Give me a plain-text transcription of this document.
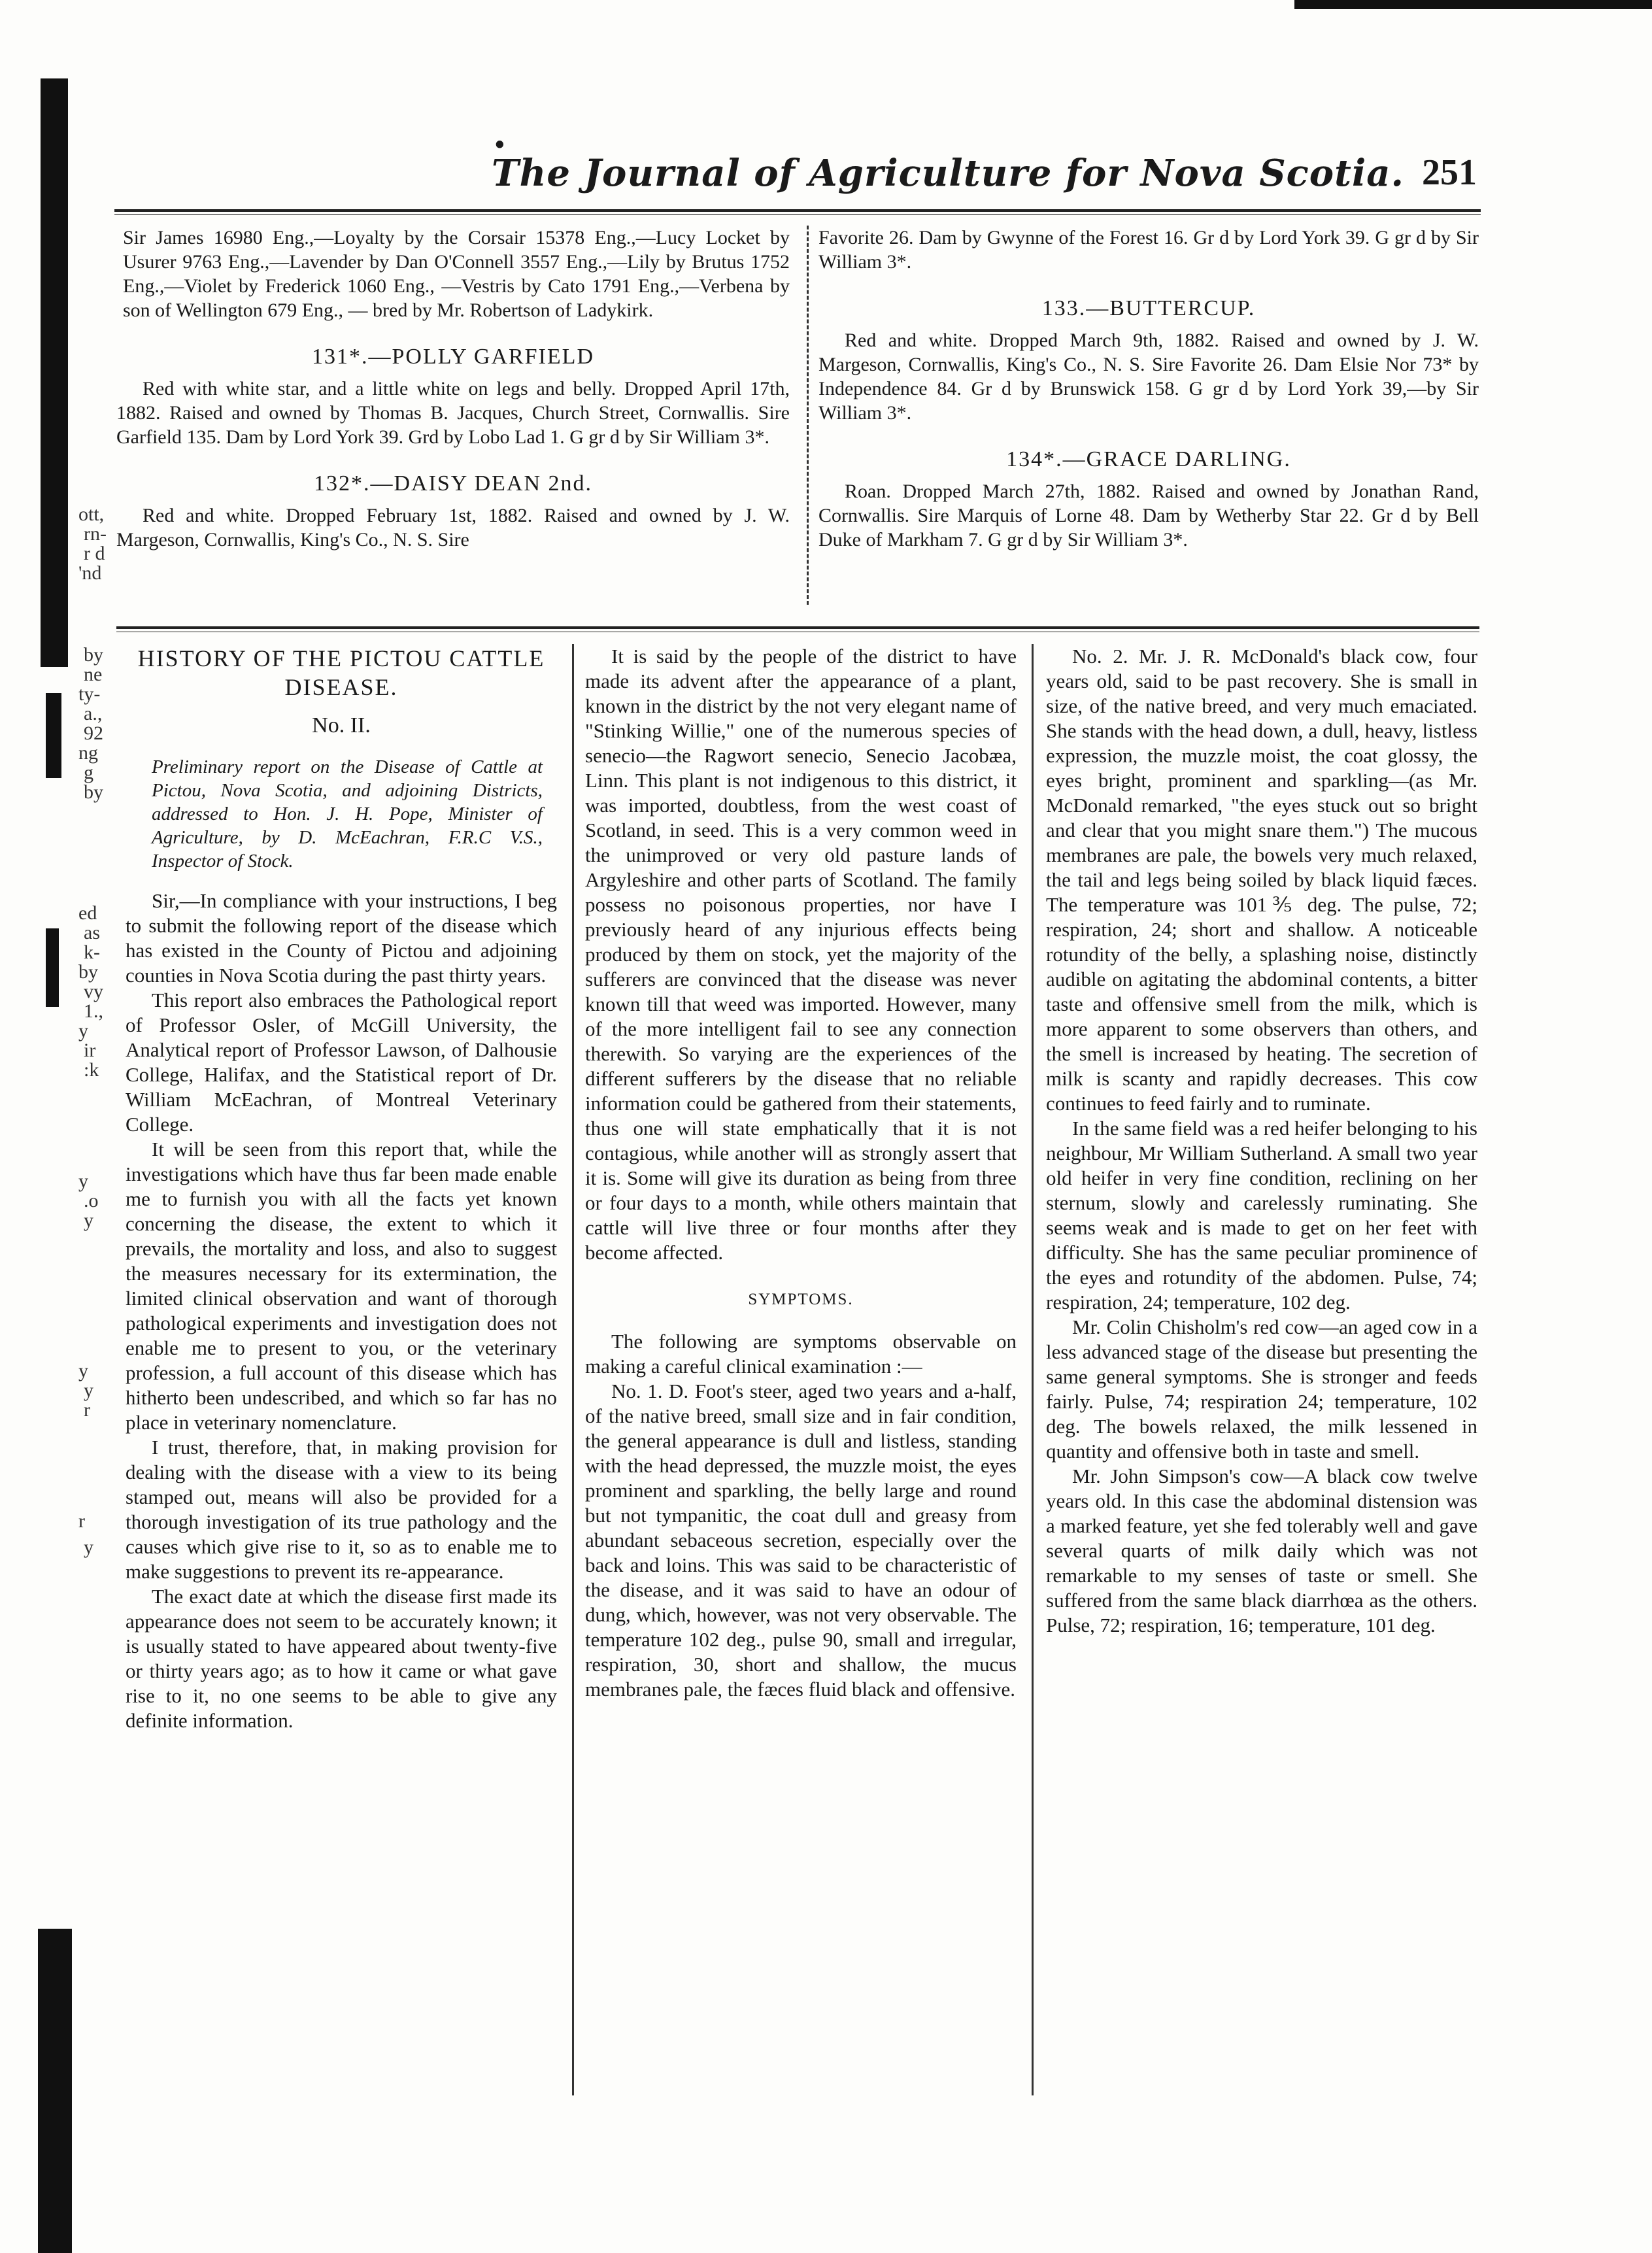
ott,
rn-
r d
'nd
by
ne
ty-
a.,
92
ng
g
by
ed
as
k-
by
vy
1.,
y
ir
:k
y
.o
y
y
y
r
r
y
•
The Journal of Agriculture for Nova Scotia. 251

Sir James 16980 Eng.,—Loyalty by the Corsair 15378 Eng.,—Lucy Locket by Usurer 9763 Eng.,—Lavender by Dan O'Connell 3557 Eng.,—Lily by Brutus 1752 Eng.,—Violet by Frederick 1060 Eng., —Vestris by Cato 1791 Eng.,—Verbena by son of Wellington 679 Eng., — bred by Mr. Robertson of Ladykirk.

131*.—POLLY GARFIELD

Red with white star, and a little white on legs and belly. Dropped April 17th, 1882. Raised and owned by Thomas B. Jacques, Church Street, Cornwallis. Sire Garfield 135. Dam by Lord York 39. Grd by Lobo Lad 1. G gr d by Sir William 3*.

132*.—DAISY DEAN 2nd.

Red and white. Dropped February 1st, 1882. Raised and owned by J. W. Margeson, Cornwallis, King's Co., N. S. Sire

Favorite 26. Dam by Gwynne of the Forest 16. Gr d by Lord York 39. G gr d by Sir William 3*.

133.—BUTTERCUP.

Red and white. Dropped March 9th, 1882. Raised and owned by J. W. Margeson, Cornwallis, King's Co., N. S. Sire Favorite 26. Dam Elsie Nor 73* by Independence 84. Gr d by Brunswick 158. G gr d by Lord York 39,—by Sir William 3*.

134*.—GRACE DARLING.

Roan. Dropped March 27th, 1882. Raised and owned by Jonathan Rand, Cornwallis. Sire Marquis of Lorne 48. Dam by Wetherby Star 22. Gr d by Bell Duke of Markham 7. G gr d by Sir William 3*.

HISTORY OF THE PICTOU CATTLE DISEASE.
No. II.

Preliminary report on the Disease of Cattle at Pictou, Nova Scotia, and adjoining Districts, addressed to Hon. J. H. Pope, Minister of Agriculture, by D. McEachran, F.R.C V.S., Inspector of Stock.

Sir,—In compliance with your instructions, I beg to submit the following report of the disease which has existed in the County of Pictou and adjoining counties in Nova Scotia during the past thirty years.

This report also embraces the Pathological report of Professor Osler, of McGill University, the Analytical report of Professor Lawson, of Dalhousie College, Halifax, and the Statistical report of Dr. William McEachran, of Montreal Veterinary College.

It will be seen from this report that, while the investigations which have thus far been made enable me to furnish you with all the facts yet known concerning the disease, the extent to which it prevails, the mortality and loss, and also to suggest the measures necessary for its extermination, the limited clinical observation and want of thorough pathological experiments and investigation does not enable me to present to you, or the veterinary profession, a full account of this disease which has hitherto been undescribed, and which so far has no place in veterinary nomenclature.

I trust, therefore, that, in making provision for dealing with the disease with a view to its being stamped out, means will also be provided for a thorough investigation of its true pathology and the causes which give rise to it, so as to enable me to make suggestions to prevent its re-appearance.

The exact date at which the disease first made its appearance does not seem to be accurately known; it is usually stated to have appeared about twenty-five or thirty years ago; as to how it came or what gave rise to it, no one seems to be able to give any definite information.

It is said by the people of the district to have made its advent after the appearance of a plant, known in the district by the not very elegant name of "Stinking Willie," one of the numerous species of senecio—the Ragwort senecio, Senecio Jacobæa, Linn. This plant is not indigenous to this district, it was imported, doubtless, from the west coast of Scotland, in seed. This is a very common weed in the unimproved or very old pasture lands of Argyleshire and other parts of Scotland. The family possess no poisonous properties, nor have I previously heard of any injurious effects being produced by them on stock, yet the majority of the sufferers are convinced that the disease was never known till that weed was imported. However, many of the more intelligent fail to see any connection therewith. So varying are the experiences of the different sufferers by the disease that no reliable information could be gathered from their statements, thus one will state emphatically that it is not contagious, while another will as strongly assert that it is. Some will give its duration as being from three or four days to a month, while others maintain that cattle will live three or four months after they become affected.

SYMPTOMS.

The following are symptoms observable on making a careful clinical examination :—

No. 1. D. Foot's steer, aged two years and a-half, of the native breed, small size and in fair condition, the general appearance is dull and listless, standing with the head depressed, the muzzle moist, the eyes prominent and sparkling, the belly large and round but not tympanitic, the coat dull and greasy from abundant sebaceous secretion, especially over the back and loins. This was said to be characteristic of the disease, and it was said to have an odour of dung, which, however, was not very observable. The temperature 102 deg., pulse 90, small and irregular, respiration, 30, short and shallow, the mucus membranes pale, the fæces fluid black and offensive.

No. 2. Mr. J. R. McDonald's black cow, four years old, said to be past recovery. She is small in size, of the native breed, and very much emaciated. She stands with the head down, a dull, heavy, listless expression, the muzzle moist, the coat glossy, the eyes bright, prominent and sparkling—(as Mr. McDonald remarked, "the eyes stuck out so bright and clear that you might snare them.") The mucous membranes are pale, the bowels very much relaxed, the tail and legs being soiled by black liquid fæces. The temperature was 101⅗ deg. The pulse, 72; respiration, 24; short and shallow. A noticeable rotundity of the belly, a splashing noise, distinctly audible on agitating the abdominal contents, a bitter taste and offensive smell from the milk, which is more apparent to some observers than others, and the smell is increased by heating. The secretion of milk is scanty and rapidly decreases. This cow continues to feed fairly and to ruminate.

In the same field was a red heifer belonging to his neighbour, Mr William Sutherland. A small two year old heifer in very fine condition, reclining on her sternum, slowly and carelessly ruminating. She seems weak and is made to get on her feet with difficulty. She has the same peculiar prominence of the eyes and rotundity of the abdomen. Pulse, 74; respiration, 24; temperature, 102 deg.

Mr. Colin Chisholm's red cow—an aged cow in a less advanced stage of the disease but presenting the same general symptoms. She is stronger and feeds fairly. Pulse, 74; respiration 24; temperature, 102 deg. The bowels relaxed, the milk lessened in quantity and offensive both in taste and smell.

Mr. John Simpson's cow—A black cow twelve years old. In this case the abdominal distension was a marked feature, yet she fed tolerably well and gave several quarts of milk daily which was not remarkable to my senses of taste or smell. She suffered from the same black diarrhœa as the others. Pulse, 72; respiration, 16; temperature, 101 deg.
